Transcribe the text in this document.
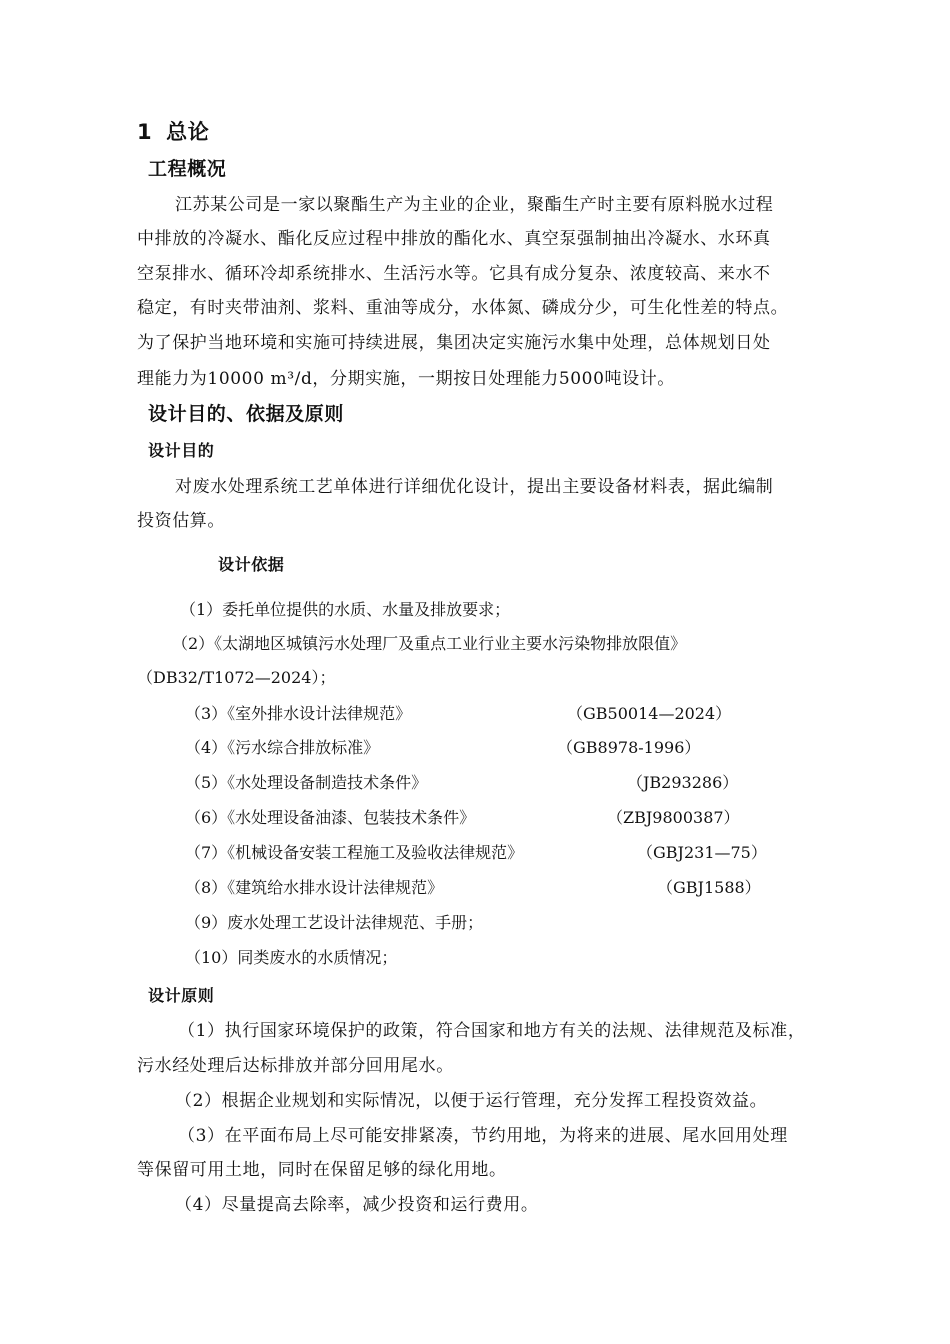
1 总论
工程概况
江苏某公司是一家以聚酯生产为主业的企业，聚酯生产时主要有原料脱水过程
中排放的冷凝水、酯化反应过程中排放的酯化水、真空泵强制抽出冷凝水、水环真
空泵排水、循环冷却系统排水、生活污水等。它具有成分复杂、浓度较高、来水不
稳定，有时夹带油剂、浆料、重油等成分，水体氮、磷成分少，可生化性差的特点。
为了保护当地环境和实施可持续进展，集团决定实施污水集中处理，总体规划日处
理能力为10000 m³/d，分期实施，一期按日处理能力5000吨设计。
设计目的、依据及原则
设计目的
对废水处理系统工艺单体进行详细优化设计，提出主要设备材料表，据此编制
投资估算。
设计依据
（1）委托单位提供的水质、水量及排放要求；
（2）《太湖地区城镇污水处理厂及重点工业行业主要水污染物排放限值》
（DB32/T1072—2024）；
（3）《室外排水设计法律规范》	（GB50014—2024）
（4）《污水综合排放标准》	（GB8978-1996）
（5）《水处理设备制造技术条件》	（JB293286）
（6）《水处理设备油漆、包装技术条件》	（ZBJ9800387）
（7）《机械设备安装工程施工及验收法律规范》	（GBJ231—75）
（8）《建筑给水排水设计法律规范》	（GBJ1588）
（9）废水处理工艺设计法律规范、手册；
（10）同类废水的水质情况；
设计原则
（1）执行国家环境保护的政策，符合国家和地方有关的法规、法律规范及标准，
污水经处理后达标排放并部分回用尾水。
（2）根据企业规划和实际情况，以便于运行管理，充分发挥工程投资效益。
（3）在平面布局上尽可能安排紧凑，节约用地，为将来的进展、尾水回用处理
等保留可用土地，同时在保留足够的绿化用地。
（4）尽量提高去除率，减少投资和运行费用。
